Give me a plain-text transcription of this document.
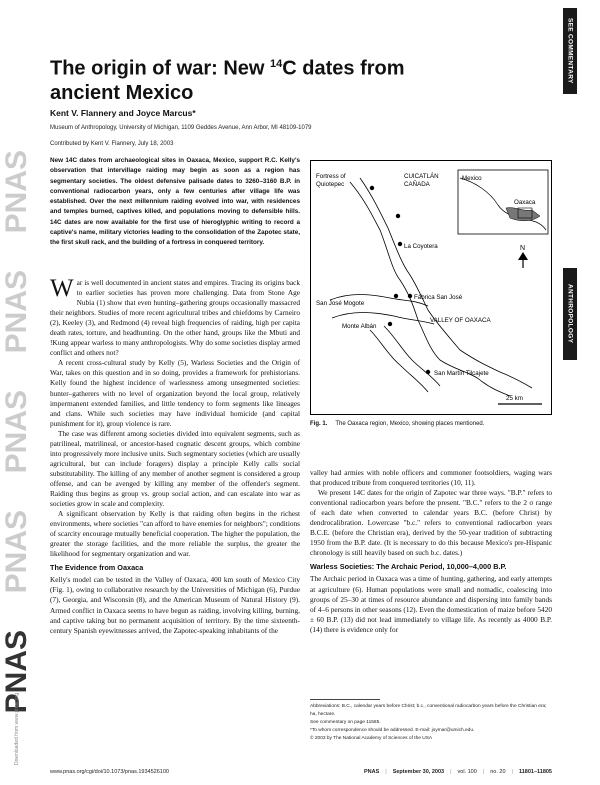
PNAS
PNAS
PNAS
PNAS
PNAS
Downloaded from www.pnas.org
SEE COMMENTARY
ANTHROPOLOGY
The origin of war: New $^{14}$C dates from ancient Mexico
Kent V. Flannery and Joyce Marcus*
Museum of Anthropology, University of Michigan, 1109 Geddes Avenue, Ann Arbor, MI 48109-1079
Contributed by Kent V. Flannery, July 18, 2003
New 14C dates from archaeological sites in Oaxaca, Mexico, support R.C. Kelly's observation that intervillage raiding may begin as soon as a region has segmentary societies. The oldest defensive palisade dates to 3260–3160 B.P. in conventional radiocarbon years, only a few centuries after village life was established. Over the next millennium raiding evolved into war, with residences and temples burned, captives killed, and populations moving to defensible hills. 14C dates are now available for the first use of hieroglyphic writing to record a captive's name, military victories leading to the consolidation of the Zapotec state, the first skull rack, and the building of a fortress in conquered territory.

War is well documented in ancient states and empires. Tracing its origins back to earlier societies has proven more challenging. Data from Stone Age Nubia (1) show that even hunting–gathering groups occasionally massacred their neighbors. Studies of more recent agricultural tribes and chiefdoms by Carneiro (2), Keeley (3), and Redmond (4) reveal high frequencies of raiding, high per capita death rates, torture, and headhunting. On the other hand, groups like the Mbuti and !Kung appear warless to many anthropologists. Why do some societies display armed conflict and others not?

A recent cross-cultural study by Kelly (5), Warless Societies and the Origin of War, takes on this question and in so doing, provides a framework for prehistorians. Kelly found the highest incidence of warlessness among unsegmented societies: hunter–gatherers with no level of organization beyond the local group, relatively impermanent extended families, and little tendency to form segments like lineages and clans. While such societies may have individual homicide (and capital punishment for it), group violence is rare.

The case was different among societies divided into equivalent segments, such as patrilineal, matrilineal, or ancestor-based cognatic descent groups, which combine into progressively more inclusive units. Such segmentary societies (which are usually agricultural, but can include foragers) display a principle Kelly calls social substitutability. The killing of any member of another segment is considered a group offense, and can be avenged by killing any member of the offender's segment. Raiding thus begins as group vs. group social action, and can escalate into war as societies grow in scale and complexity.

A significant observation by Kelly is that raiding often begins in the richest environments, where societies "can afford to have enemies for neighbors"; conditions of scarcity encourage mutually beneficial cooperation. The higher the population, the greater the storage facilities, and the more reliable the surplus, the greater the likelihood for segmentary organization and war.

The Evidence from Oaxaca

Kelly's model can be tested in the Valley of Oaxaca, 400 km south of Mexico City (Fig. 1), owing to collaborative research by the Universities of Michigan (6), Purdue (7), Georgia, and Wisconsin (8), and the American Museum of Natural History (9). Armed conflict in Oaxaca seems to have begun as raiding, involving killing, burning, and captive taking but no permanent acquisition of territory. By the time sixteenth-century Spanish eyewitnesses arrived, the Zapotec-speaking inhabitants of the

Fortress of
Quiotepec
CUICATLÁN
CAÑADA
La Coyotera
Mexico
Oaxaca
N
Fábrica San José
San José Mogote
Monte Albán
VALLEY OF OAXACA
San Martín Tilcajete
25 km
Fig. 1. The Oaxaca region, Mexico, showing places mentioned.

valley had armies with noble officers and commoner footsoldiers, waging wars that produced tribute from conquered territories (10, 11).

We present 14C dates for the origin of Zapotec war three ways. "B.P." refers to conventional radiocarbon years before the present. "B.C." refers to the 2 σ range of each date when converted to calendar years B.C. (before Christ) by dendrocalibration. Lowercase "b.c." refers to conventional radiocarbon years B.C.E. (before the Christian era), derived by the 50-year tradition of subtracting 1950 from the B.P. date. (It is necessary to do this because Mexico's pre-Hispanic chronology is still heavily based on such b.c. dates.)

Warless Societies: The Archaic Period, 10,000–4,000 B.P.

The Archaic period in Oaxaca was a time of hunting, gathering, and early attempts at agriculture (6). Human populations were small and nomadic, coalescing into groups of 25–30 at times of resource abundance and dispersing into family bands of 4–6 persons in other seasons (12). Even the domestication of maize before 5420 ± 60 B.P. (13) did not lead immediately to village life. As recently as 4000 B.P. (14) there is evidence only for

Abbreviations: B.C., calendar years before Christ; b.c., conventional radiocarbon years before the Christian era; ha, hectare.
See commentary on page 11585.
*To whom correspondence should be addressed. E-mail: joymar@umich.edu.
© 2003 by The National Academy of Sciences of the USA
www.pnas.org/cgi/doi/10.1073/pnas.1934526100	PNAS | September 30, 2003 | vol. 100 | no. 20 | 11801–11805
